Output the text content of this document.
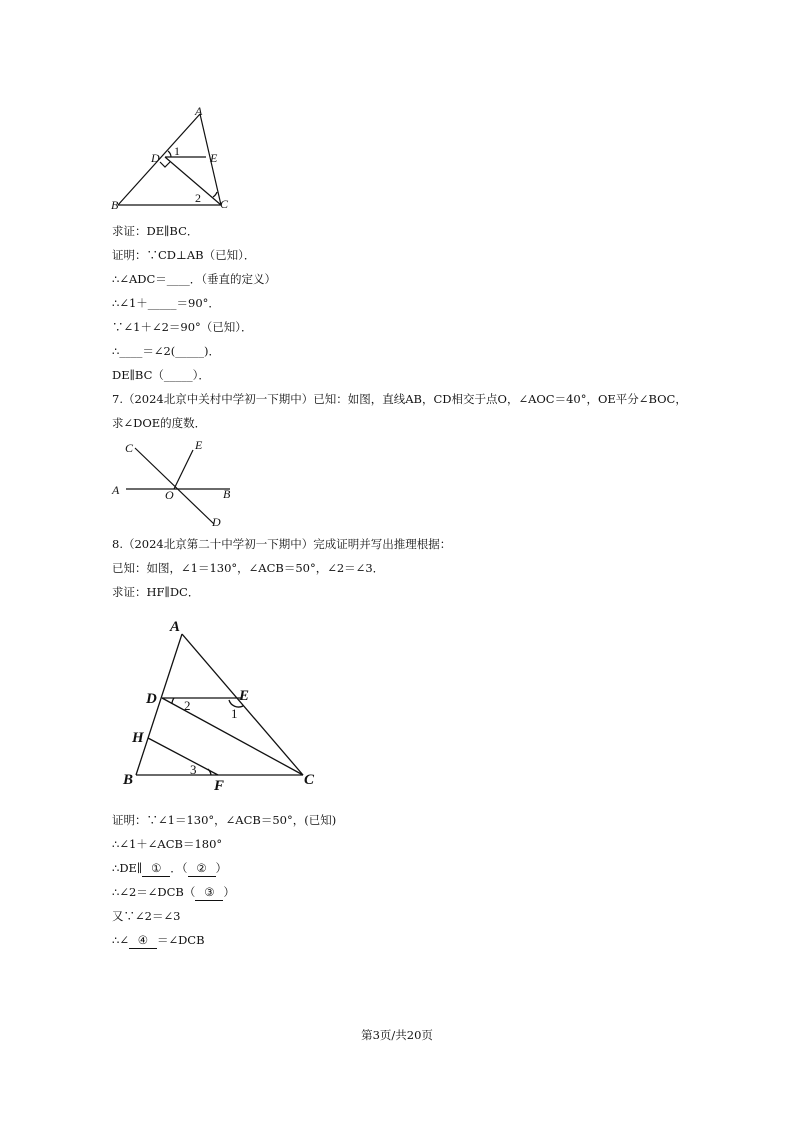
A
D	E
B	C
1
2
求证：DE∥BC．
证明：∵CD⊥AB（已知）．
∴∠ADC＝____．（垂直的定义）
∴∠1＋_____＝90°．
∵∠1＋∠2＝90°（已知）．
∴____＝∠2(_____)．
DE∥BC（_____）．
7.（2024北京中关村中学初一下期中）已知：如图，直线AB，CD相交于点O，∠AOC＝40°，OE平分∠BOC，
求∠DOE的度数．
C	E
A	O	B
D
8.（2024北京第二十中学初一下期中）完成证明并写出推理根据：
已知：如图，∠1＝130°，∠ACB＝50°，∠2＝∠3．
求证：HF∥DC．
A
D	E
H
B	F	C
2
1
3
证明：∵∠1＝130°，∠ACB＝50°，(已知)
∴∠1＋∠ACB＝180°
∴DE∥ ① ．（ ② ）
∴∠2＝∠DCB（ ③ ）
又∵∠2＝∠3
∴∠ ④ ＝∠DCB
第3页/共20页
